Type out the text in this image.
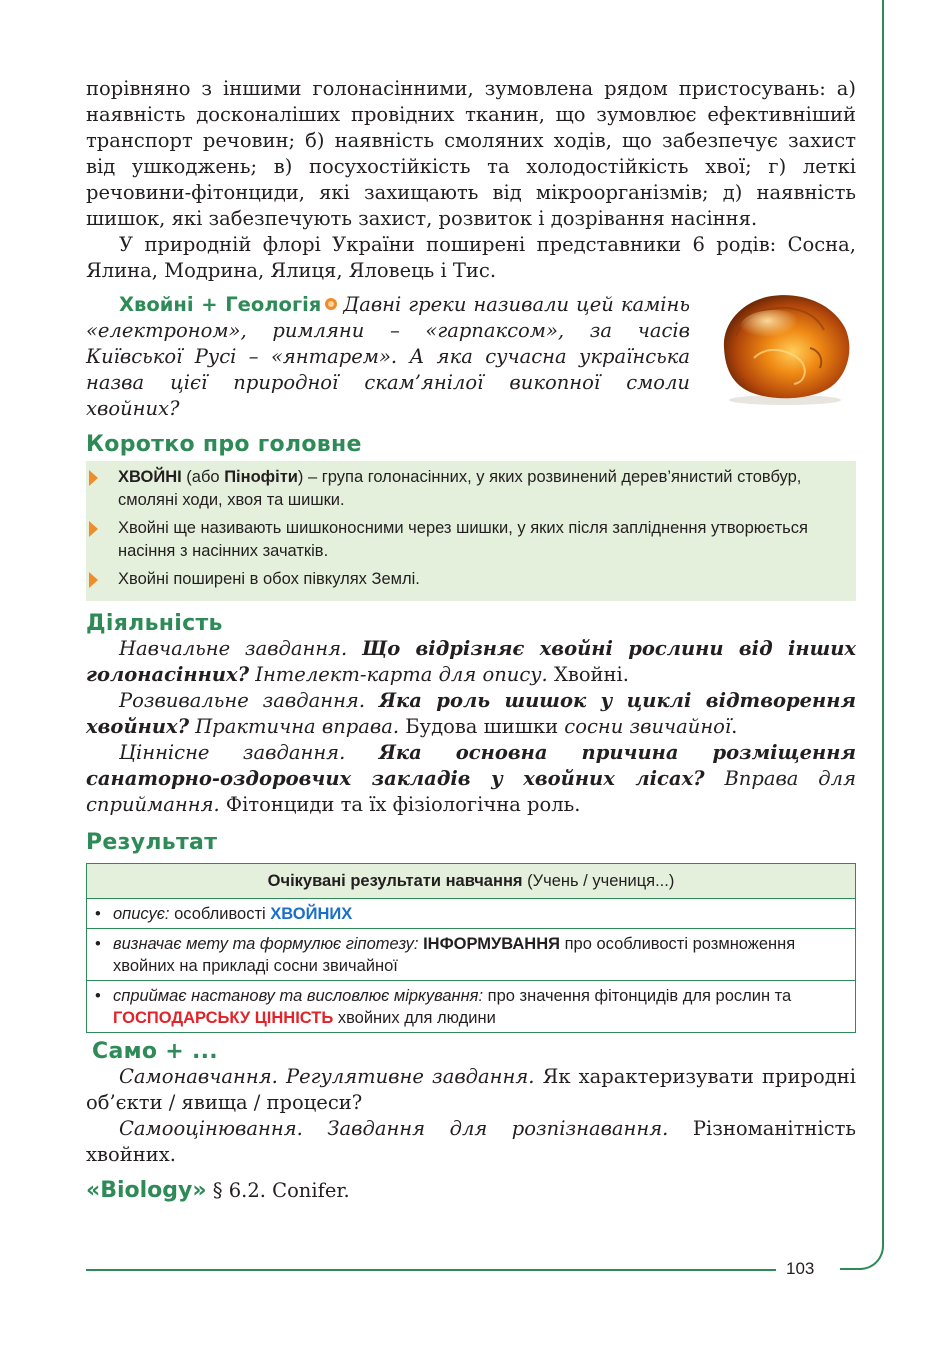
порівняно з іншими голонасінними, зумовлена рядом пристосувань: а) наявність досконаліших провідних тканин, що зумовлює ефективніший транспорт речовин; б) наявність смоляних ходів, що забезпечує захист від ушкоджень; в) посухостійкість та холодостійкість хвої; г) леткі речовини-фітонциди, які захищають від мікроорганізмів; д) наявність шишок, які забезпечують захист, розвиток і дозрівання насіння.

У природній флорі України поширені представники 6 родів: Сосна, Ялина, Модрина, Ялиця, Яловець і Тис.

Хвойні + Геологія Давні греки називали цей камінь «електроном», римляни – «гарпаксом», за часів Київської Русі – «янтарем». А яка сучасна українська назва цієї природної скам’янілої викопної смоли хвойних?

Коротко про головне
ХВОЙНІ (або Пінофіти) – група голонасінних, у яких розвинений дерев’янистий стовбур, смоляні ходи, хвоя та шишки.
Хвойні ще називають шишконосними через шишки, у яких після запліднення утворюється насіння з насінних зачатків.
Хвойні поширені в обох півкулях Землі.
Діяльність

Навчальне завдання. Що відрізняє хвойні рослини від інших голонасінних? Інтелект-карта для опису. Хвойні.

Розвивальне завдання. Яка роль шишок у циклі відтворення хвойних? Практична вправа. Будова шишки сосни звичайної.

Ціннісне завдання. Яка основна причина розміщення санаторно-оздоровчих закладів у хвойних лісах? Вправа для сприймання. Фітонциди та їх фізіологічна роль.

Результат
Очікувані результати навчання (Учень / учениця...)

• описує: особливості ХВОЙНИХ

• визначає мету та формулює гіпотезу: ІНФОРМУВАННЯ про особливості розмноження хвойних на прикладі сосни звичайної

• сприймає настанову та висловлює міркування: про значення фітонцидів для рослин та ГОСПОДАРСЬКУ ЦІННІСТЬ хвойних для людини
Само + ...

Самонавчання. Регулятивне завдання. Як характеризувати природні об’єкти / явища / процеси?

Самооцінювання. Завдання для розпізнавання. Різноманітність хвойних.

«Biology» § 6.2. Conifer.

103
